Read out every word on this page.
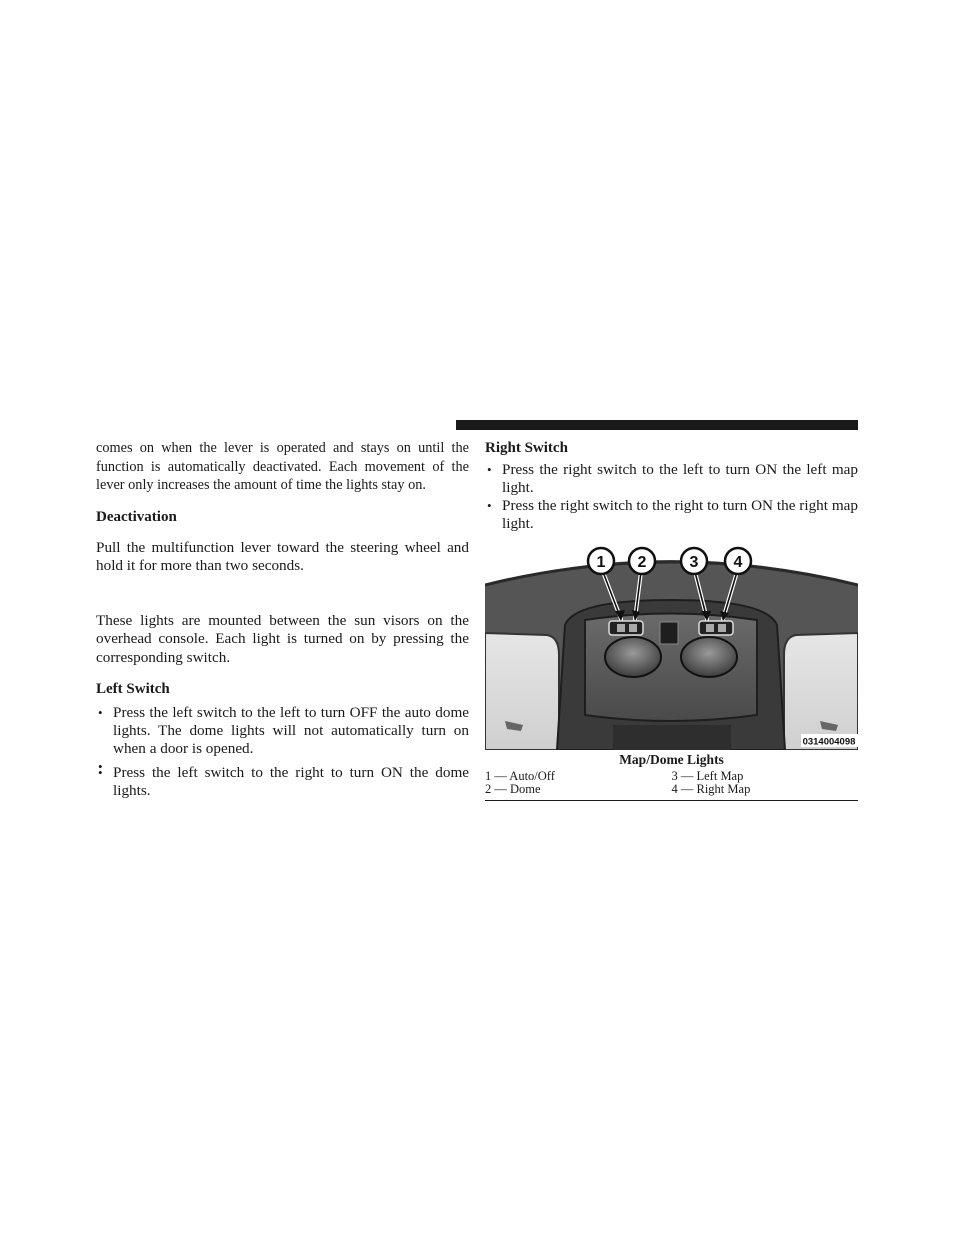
comes on when the lever is operated and stays on until the function is automatically deactivated. Each movement of the lever only increases the amount of time the lights stay on.

Deactivation

Pull the multifunction lever toward the steering wheel and hold it for more than two seconds.

These lights are mounted between the sun visors on the overhead console. Each light is turned on by pressing the corresponding switch.

Left Switch
• Press the left switch to the left to turn OFF the auto dome lights. The dome lights will not automatically turn on when a door is opened.
•
• Press the left switch to the right to turn ON the dome lights.
Right Switch
• Press the right switch to the left to turn ON the left map light.
• Press the right switch to the right to turn ON the right map light.
1 2	3 4
0314004098
Map/Dome Lights
1 — Auto/Off	3 — Left Map
2 — Dome	4 — Right Map
